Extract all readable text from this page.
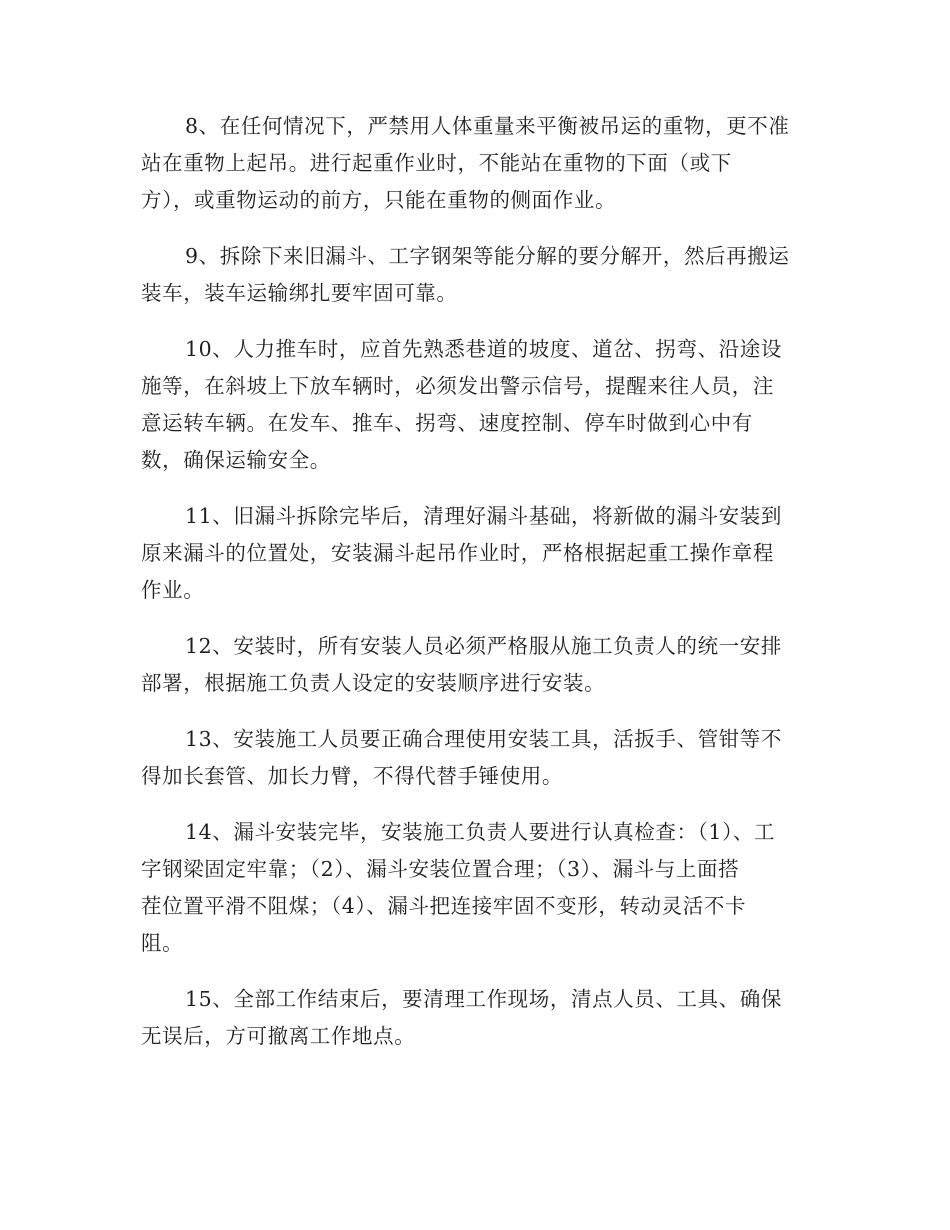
8、在任何情况下，严禁用人体重量来平衡被吊运的重物，更不准
站在重物上起吊。进行起重作业时，不能站在重物的下面（或下
方），或重物运动的前方，只能在重物的侧面作业。

9、拆除下来旧漏斗、工字钢架等能分解的要分解开，然后再搬运
装车，装车运输绑扎要牢固可靠。

10、人力推车时，应首先熟悉巷道的坡度、道岔、拐弯、沿途设
施等，在斜坡上下放车辆时，必须发出警示信号，提醒来往人员，注
意运转车辆。在发车、推车、拐弯、速度控制、停车时做到心中有
数，确保运输安全。

11、旧漏斗拆除完毕后，清理好漏斗基础，将新做的漏斗安装到
原来漏斗的位置处，安装漏斗起吊作业时，严格根据起重工操作章程
作业。

12、安装时，所有安装人员必须严格服从施工负责人的统一安排
部署，根据施工负责人设定的安装顺序进行安装。

13、安装施工人员要正确合理使用安装工具，活扳手、管钳等不
得加长套管、加长力臂，不得代替手锤使用。

14、漏斗安装完毕，安装施工负责人要进行认真检查：（1）、工
字钢梁固定牢靠；（2）、漏斗安装位置合理；（3）、漏斗与上面搭
茬位置平滑不阻煤；（4）、漏斗把连接牢固不变形，转动灵活不卡
阻。

15、全部工作结束后，要清理工作现场，清点人员、工具、确保
无误后，方可撤离工作地点。
